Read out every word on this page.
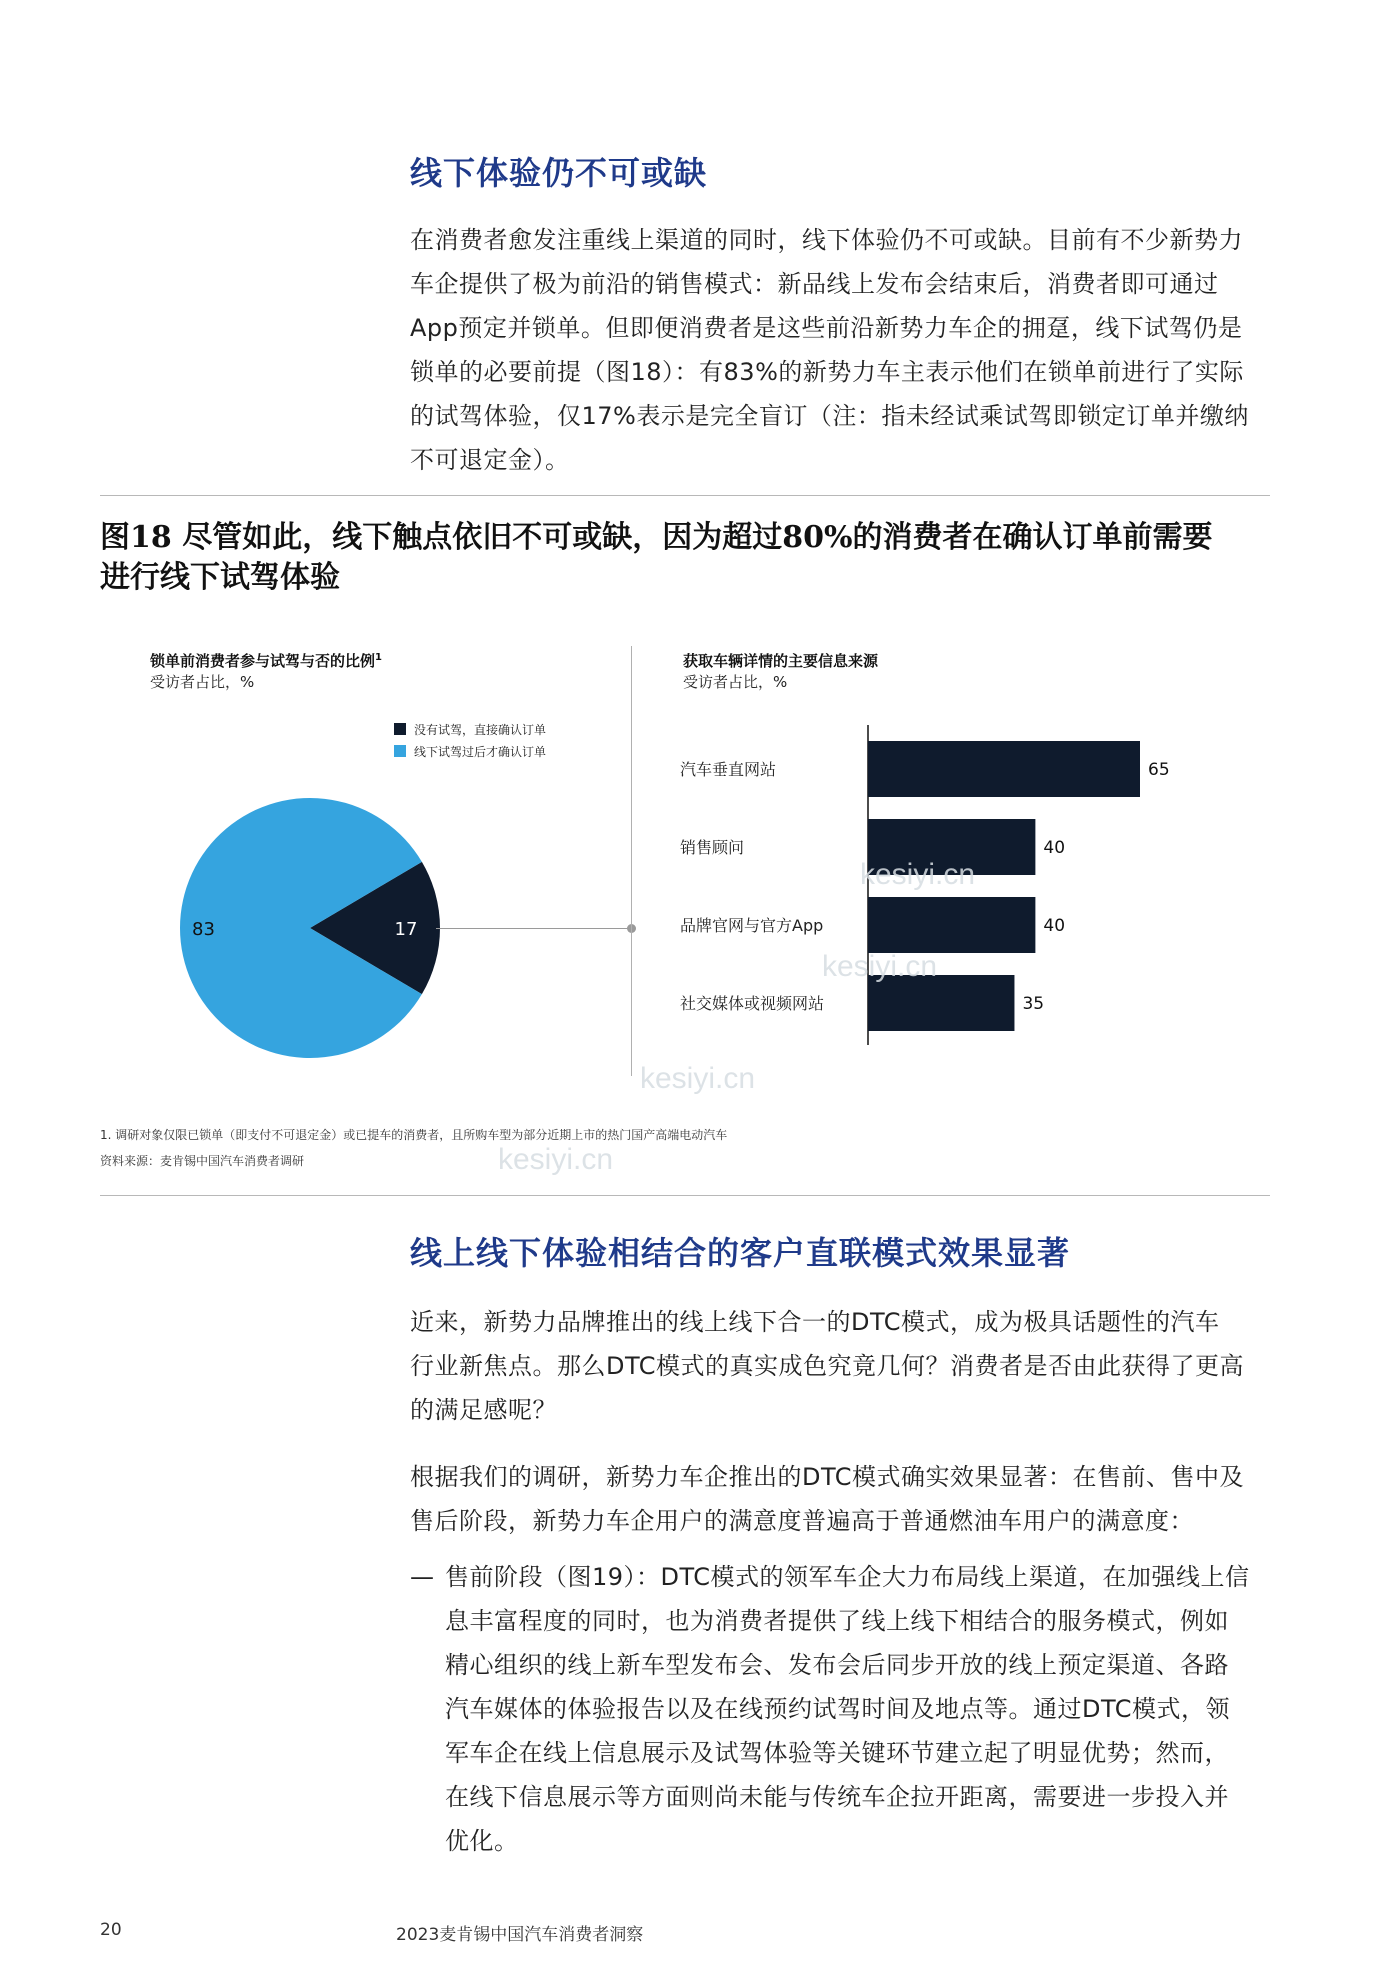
线下体验仍不可或缺

在消费者愈发注重线上渠道的同时，线下体验仍不可或缺。目前有不少新势力

车企提供了极为前沿的销售模式：新品线上发布会结束后，消费者即可通过

App预定并锁单。但即便消费者是这些前沿新势力车企的拥趸，线下试驾仍是

锁单的必要前提（图18）：有83%的新势力车主表示他们在锁单前进行了实际

的试驾体验，仅17%表示是完全盲订（注：指未经试乘试驾即锁定订单并缴纳

不可退定金）。

图18 尽管如此，线下触点依旧不可或缺，因为超过80%的消费者在确认订单前需要
进行线下试驾体验
锁单前消费者参与试驾与否的比例$^1$
受访者占比，%
没有试驾，直接确认订单
线下试驾过后才确认订单
17
83
获取车辆详情的主要信息来源
受访者占比，%
汽车垂直网站	65
销售顾问	40
品牌官网与官方App	40
社交媒体或视频网站	35
1. 调研对象仅限已锁单（即支付不可退定金）或已提车的消费者，且所购车型为部分近期上市的热门国产高端电动汽车
资料来源：麦肯锡中国汽车消费者调研
线上线下体验相结合的客户直联模式效果显著

近来，新势力品牌推出的线上线下合一的DTC模式，成为极具话题性的汽车

行业新焦点。那么DTC模式的真实成色究竟几何？消费者是否由此获得了更高

的满足感呢？

根据我们的调研，新势力车企推出的DTC模式确实效果显著：在售前、售中及

售后阶段，新势力车企用户的满意度普遍高于普通燃油车用户的满意度：

— 售前阶段（图19）：DTC模式的领军车企大力布局线上渠道，在加强线上信

息丰富程度的同时，也为消费者提供了线上线下相结合的服务模式，例如

精心组织的线上新车型发布会、发布会后同步开放的线上预定渠道、各路

汽车媒体的体验报告以及在线预约试驾时间及地点等。通过DTC模式，领

军车企在线上信息展示及试驾体验等关键环节建立起了明显优势；然而，

在线下信息展示等方面则尚未能与传统车企拉开距离，需要进一步投入并

优化。

20	2023麦肯锡中国汽车消费者洞察
kesiyi.cn
kesiyi.cn
kesiyi.cn
kesiyi.cn
